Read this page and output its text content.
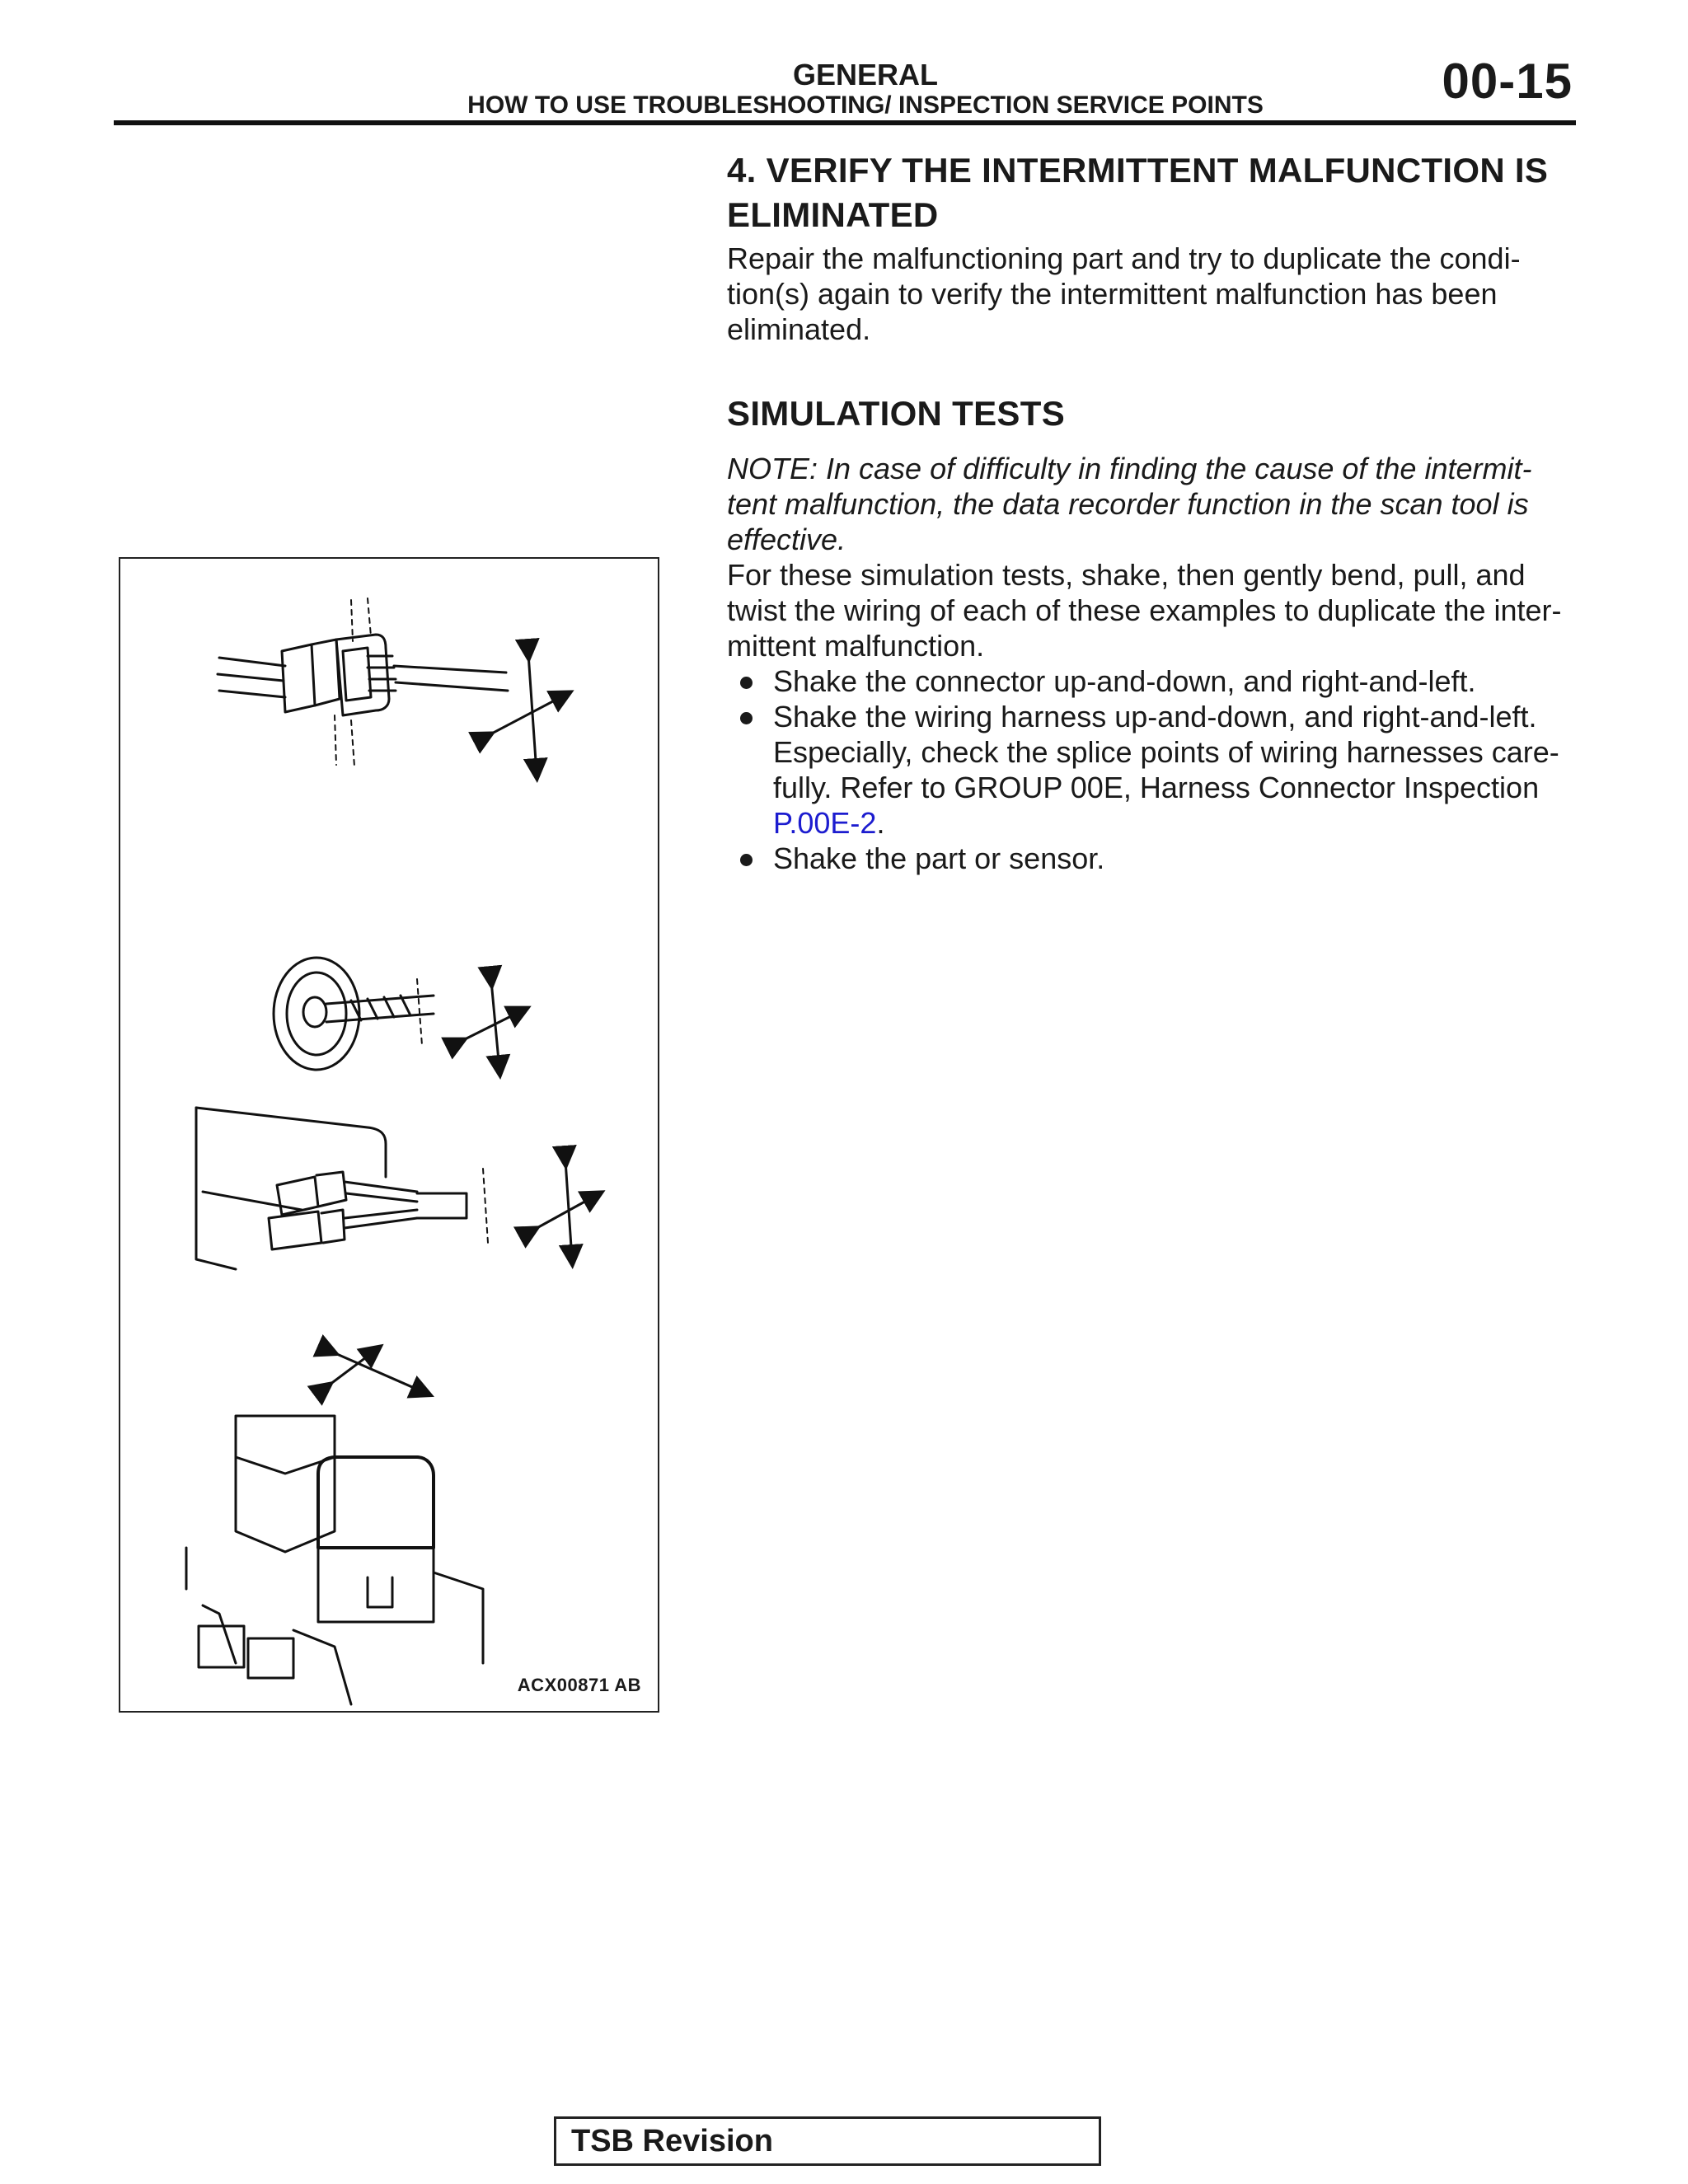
GENERAL
HOW TO USE TROUBLESHOOTING/ INSPECTION SERVICE POINTS	00-15
4. VERIFY THE INTERMITTENT MALFUNCTION IS ELIMINATED

Repair the malfunctioning part and try to duplicate the condi-tion(s) again to verify the intermittent malfunction has been eliminated.

SIMULATION TESTS

NOTE: In case of difficulty in finding the cause of the intermit-tent malfunction, the data recorder function in the scan tool is effective.

For these simulation tests, shake, then gently bend, pull, and twist the wiring of each of these examples to duplicate the inter-mittent malfunction.

Shake the connector up-and-down, and right-and-left.
Shake the wiring harness up-and-down, and right-and-left. Especially, check the splice points of wiring harnesses care-fully. Refer to GROUP 00E, Harness Connector Inspection
P.00E-2.
Shake the part or sensor.
ACX00871 AB
TSB Revision
